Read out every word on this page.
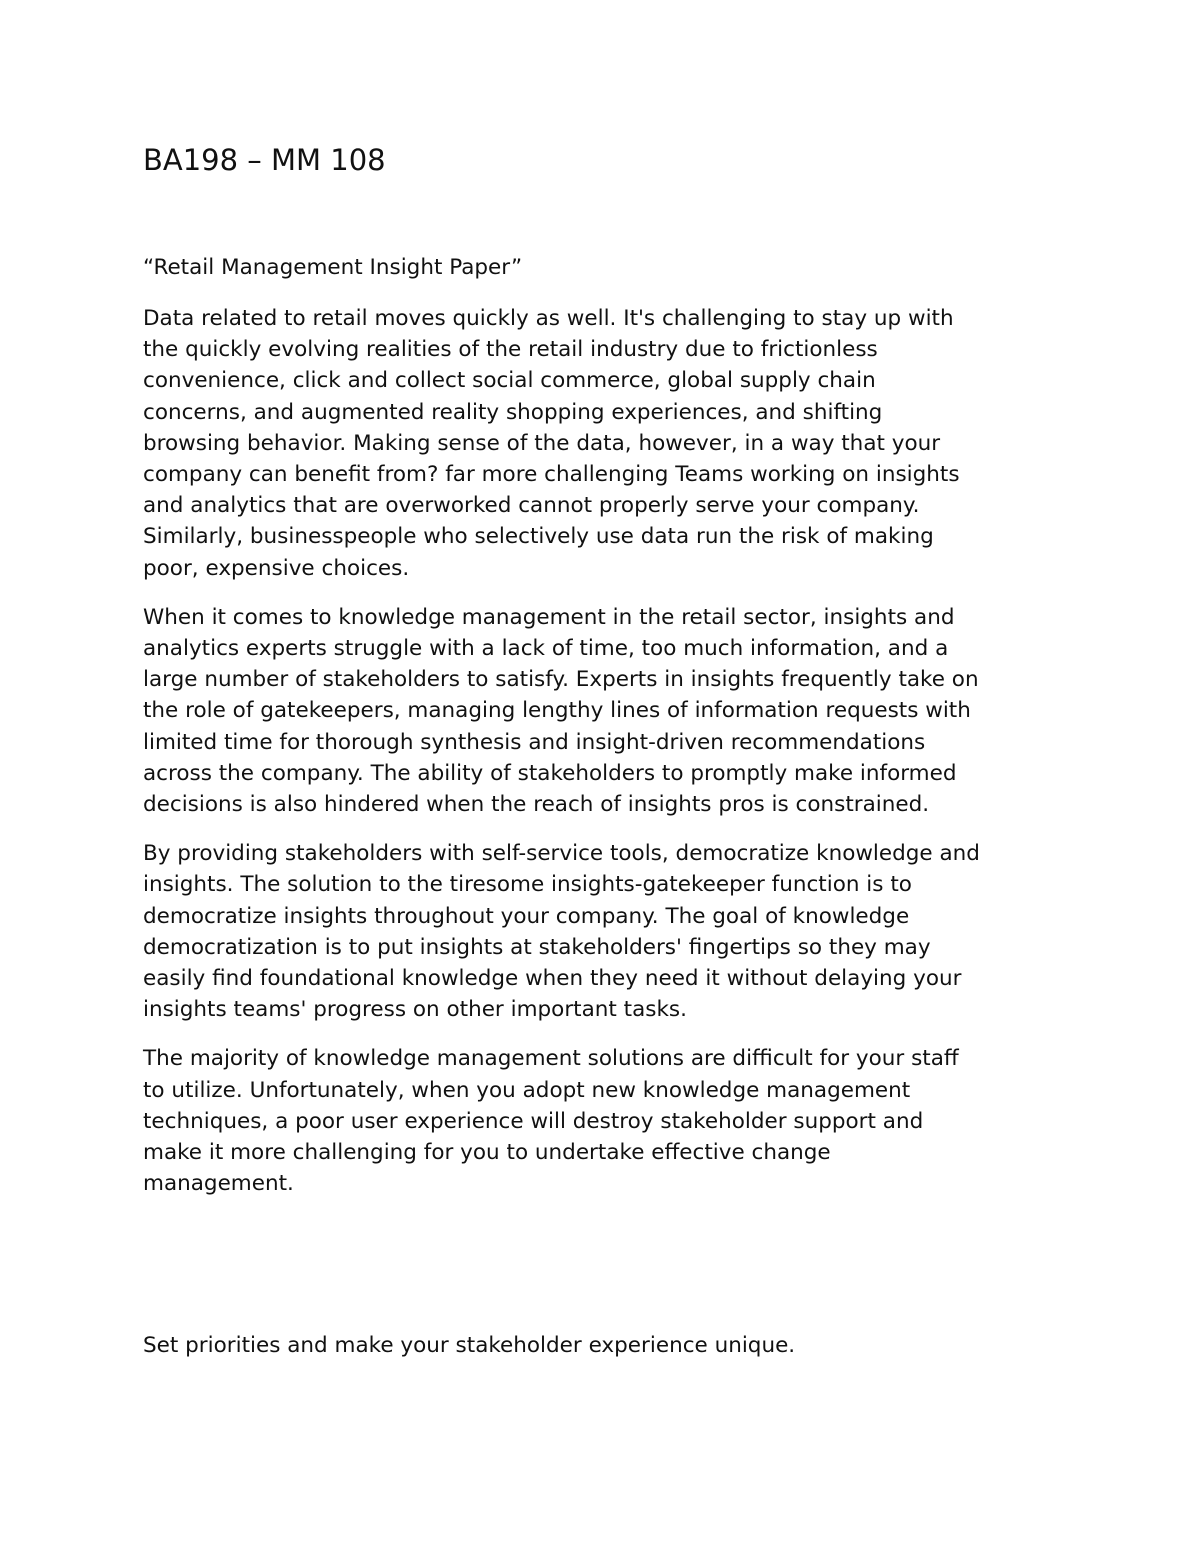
BA198 – MM 108

“Retail Management Insight Paper”

Data related to retail moves quickly as well. It's challenging to stay up with
the quickly evolving realities of the retail industry due to frictionless
convenience, click and collect social commerce, global supply chain
concerns, and augmented reality shopping experiences, and shifting
browsing behavior. Making sense of the data, however, in a way that your
company can benefit from? far more challenging Teams working on insights
and analytics that are overworked cannot properly serve your company.
Similarly, businesspeople who selectively use data run the risk of making
poor, expensive choices.

When it comes to knowledge management in the retail sector, insights and
analytics experts struggle with a lack of time, too much information, and a
large number of stakeholders to satisfy. Experts in insights frequently take on
the role of gatekeepers, managing lengthy lines of information requests with
limited time for thorough synthesis and insight-driven recommendations
across the company. The ability of stakeholders to promptly make informed
decisions is also hindered when the reach of insights pros is constrained.

By providing stakeholders with self-service tools, democratize knowledge and
insights. The solution to the tiresome insights-gatekeeper function is to
democratize insights throughout your company. The goal of knowledge
democratization is to put insights at stakeholders' fingertips so they may
easily find foundational knowledge when they need it without delaying your
insights teams' progress on other important tasks.

The majority of knowledge management solutions are difficult for your staff
to utilize. Unfortunately, when you adopt new knowledge management
techniques, a poor user experience will destroy stakeholder support and
make it more challenging for you to undertake effective change
management.

Set priorities and make your stakeholder experience unique.
